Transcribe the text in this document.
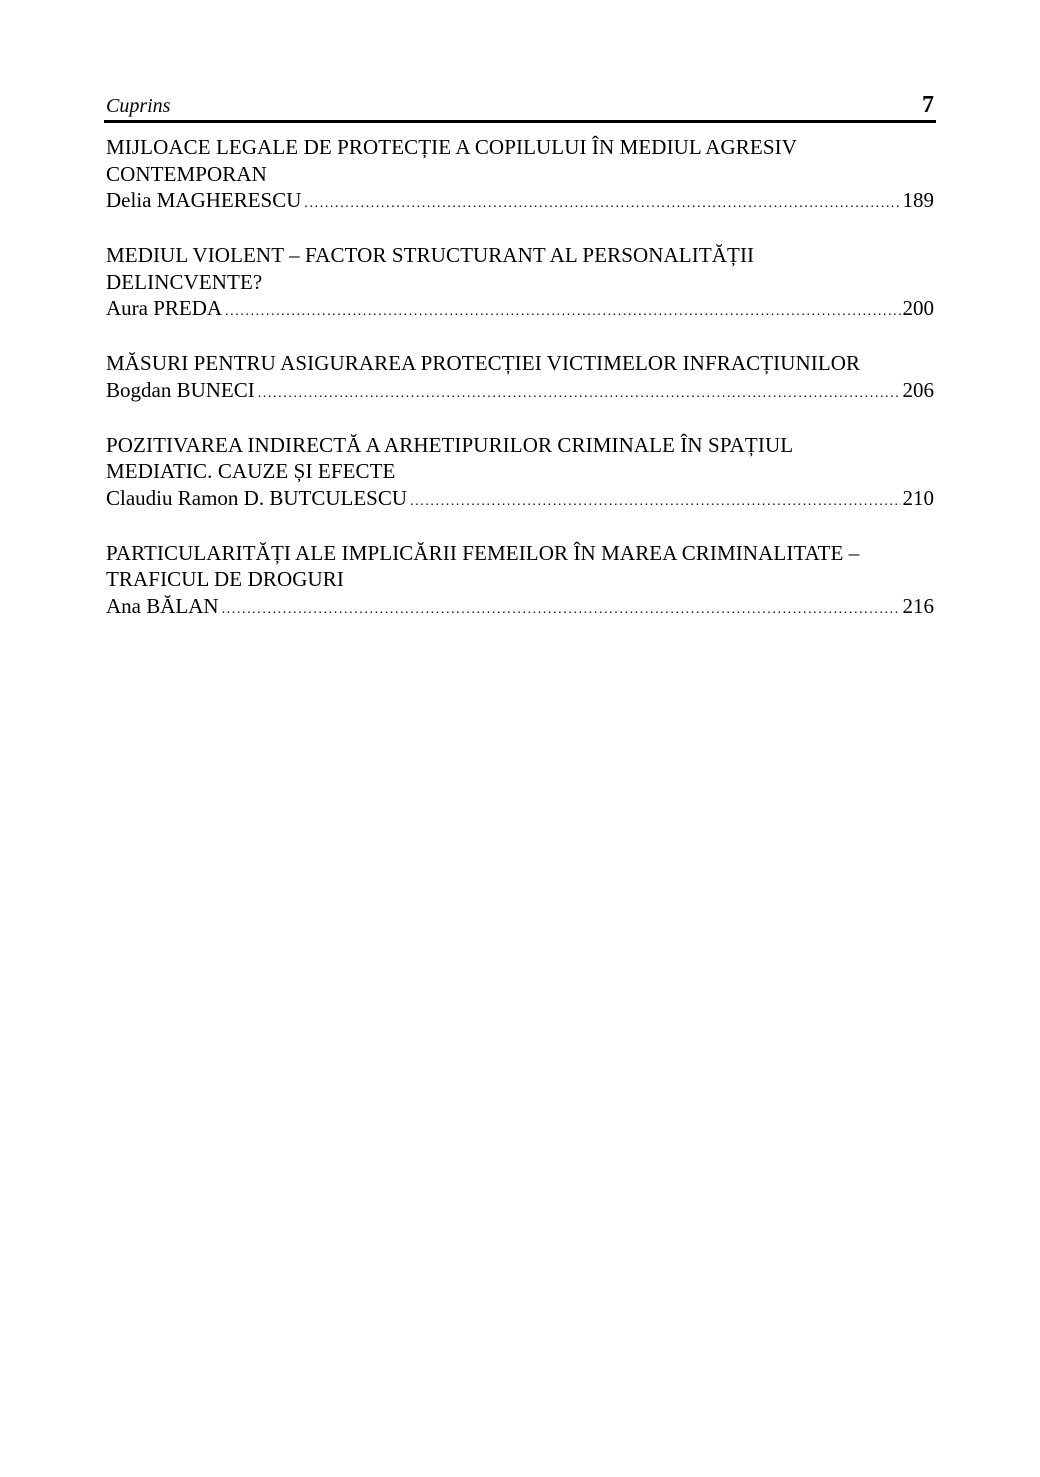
Cuprins	7
MIJLOACE LEGALE DE PROTECȚIE A COPILULUI ÎN MEDIUL AGRESIV CONTEMPORAN
Delia MAGHERESCU .....	189
MEDIUL VIOLENT – FACTOR STRUCTURANT AL PERSONALITĂȚII DELINCVENTE?
Aura PREDA .....	200
MĂSURI PENTRU ASIGURAREA PROTECȚIEI VICTIMELOR INFRACȚIUNILOR
Bogdan BUNECI .....	206
POZITIVAREA INDIRECTĂ A ARHETIPURILOR CRIMINALE ÎN SPAȚIUL MEDIATIC. CAUZE ȘI EFECTE
Claudiu Ramon D. BUTCULESCU .....	210
PARTICULARITĂȚI ALE IMPLICĂRII FEMEILOR ÎN MAREA CRIMINALITATE – TRAFICUL DE DROGURI
Ana BĂLAN .....	216
